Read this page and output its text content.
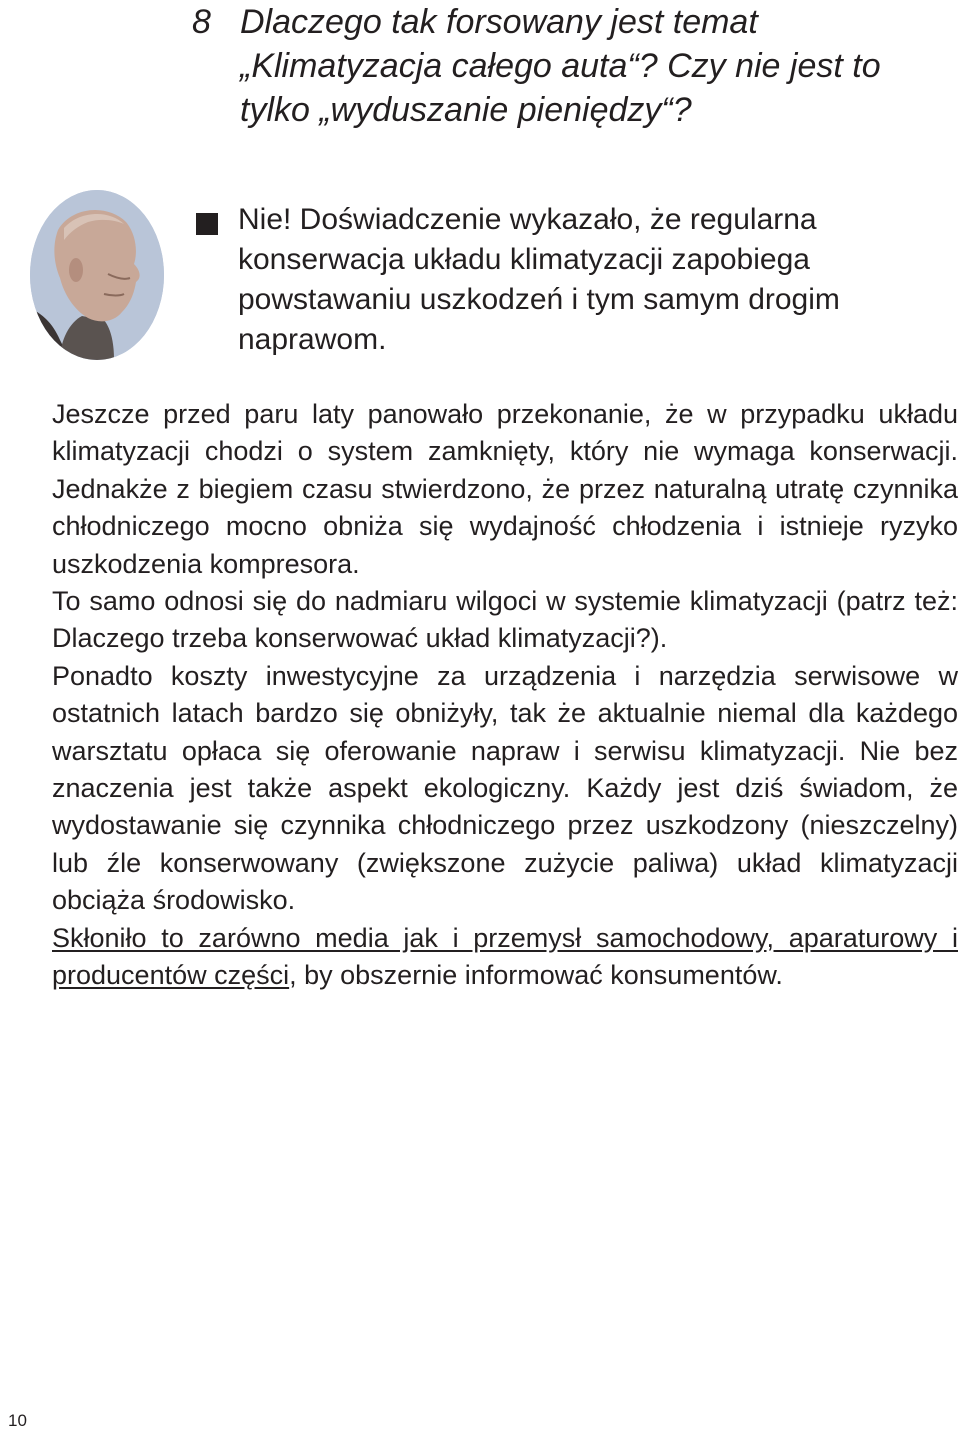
8 Dlaczego tak forsowany jest temat „Klimatyzacja całego auta“? Czy nie jest to tylko „wyduszanie pieniędzy“?
Nie! Doświadczenie wykazało, że regularna konserwacja układu klimatyzacji zapobiega powstawaniu uszkodzeń i tym samym drogim naprawom.

Jeszcze przed paru laty panowało przekonanie, że w przypadku układu klimatyzacji chodzi o system zamknięty, który nie wymaga konserwacji. Jednakże z biegiem czasu stwierdzono, że przez naturalną utratę czynnika chłodniczego mocno obniża się wydajność chłodzenia i istnieje ryzyko uszkodzenia kompresora.

To samo odnosi się do nadmiaru wilgoci w systemie klimatyzacji (patrz też: Dlaczego trzeba konserwować układ klimatyzacji?).

Ponadto koszty inwestycyjne za urządzenia i narzędzia serwisowe w ostatnich latach bardzo się obniżyły, tak że aktualnie niemal dla każdego warsztatu opłaca się oferowanie napraw i serwisu klimatyzacji. Nie bez znaczenia jest także aspekt ekologiczny. Każdy jest dziś świadom, że wydostawanie się czynnika chłodniczego przez uszkodzony (nieszczelny) lub źle konserwowany (zwiększone zużycie paliwa) układ klimatyzacji obciąża środowisko.

Skłoniło to zarówno media jak i przemysł samochodowy, aparaturowy i producentów części, by obszernie informować konsumentów.

10
